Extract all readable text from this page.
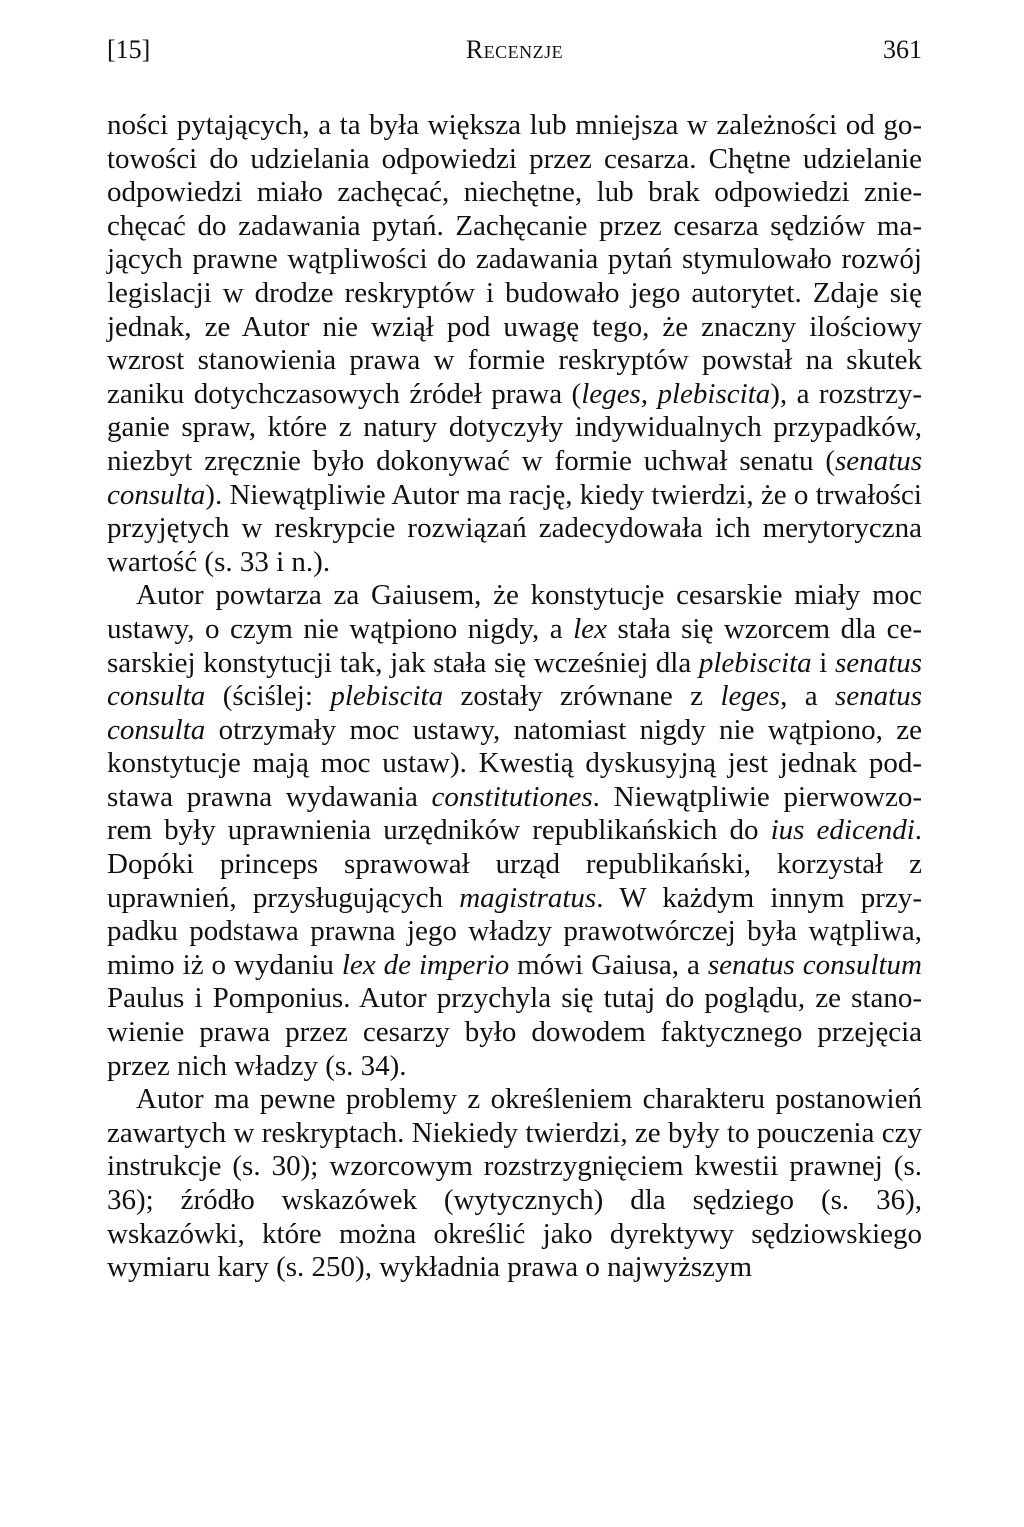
[15]	Recenzje	361

ności pytających, a ta była większa lub mniejsza w zależności od gotowości do udzielania odpowiedzi przez cesarza. Chętne udzielanie odpowiedzi miało zachęcać, niechętne, lub brak odpowiedzi zniechęcać do zadawania pytań. Zachęcanie przez cesarza sędziów mających prawne wątpliwości do zadawania pytań stymulowało rozwój legislacji w drodze reskryptów i budowało jego autorytet. Zdaje się jednak, ze Autor nie wziął pod uwagę tego, że znaczny ilościowy wzrost stanowienia prawa w formie reskryptów powstał na skutek zaniku dotychczasowych źródeł prawa (leges, plebiscita), a rozstrzyganie spraw, które z natury dotyczyły indywidualnych przypadków, niezbyt zręcznie było dokonywać w formie uchwał senatu (senatus consulta). Niewątpliwie Autor ma rację, kiedy twierdzi, że o trwałości przyjętych w reskrypcie rozwiązań zadecydowała ich merytoryczna wartość (s. 33 i n.).

Autor powtarza za Gaiusem, że konstytucje cesarskie miały moc ustawy, o czym nie wątpiono nigdy, a lex stała się wzorcem dla cesarskiej konstytucji tak, jak stała się wcześniej dla plebiscita i senatus consulta (ściślej: plebiscita zostały zrównane z leges, a senatus consulta otrzymały moc ustawy, natomiast nigdy nie wątpiono, ze konstytucje mają moc ustaw). Kwestią dyskusyjną jest jednak podstawa prawna wydawania constitutiones. Niewątpliwie pierwowzorem były uprawnienia urzędników republikańskich do ius edicendi. Dopóki princeps sprawował urząd republikański, korzystał z uprawnień, przysługujących magistratus. W każdym innym przypadku podstawa prawna jego władzy prawotwórczej była wątpliwa, mimo iż o wydaniu lex de imperio mówi Gaiusa, a senatus consultum Paulus i Pomponius. Autor przychyla się tutaj do poglądu, ze stanowienie prawa przez cesarzy było dowodem faktycznego przejęcia przez nich władzy (s. 34).

Autor ma pewne problemy z określeniem charakteru postanowień zawartych w reskryptach. Niekiedy twierdzi, ze były to pouczenia czy instrukcje (s. 30); wzorcowym rozstrzygnięciem kwestii prawnej (s. 36); źródło wskazówek (wytycznych) dla sędziego (s. 36), wskazówki, które można określić jako dyrektywy sędziowskiego wymiaru kary (s. 250), wykładnia prawa o najwyższym
